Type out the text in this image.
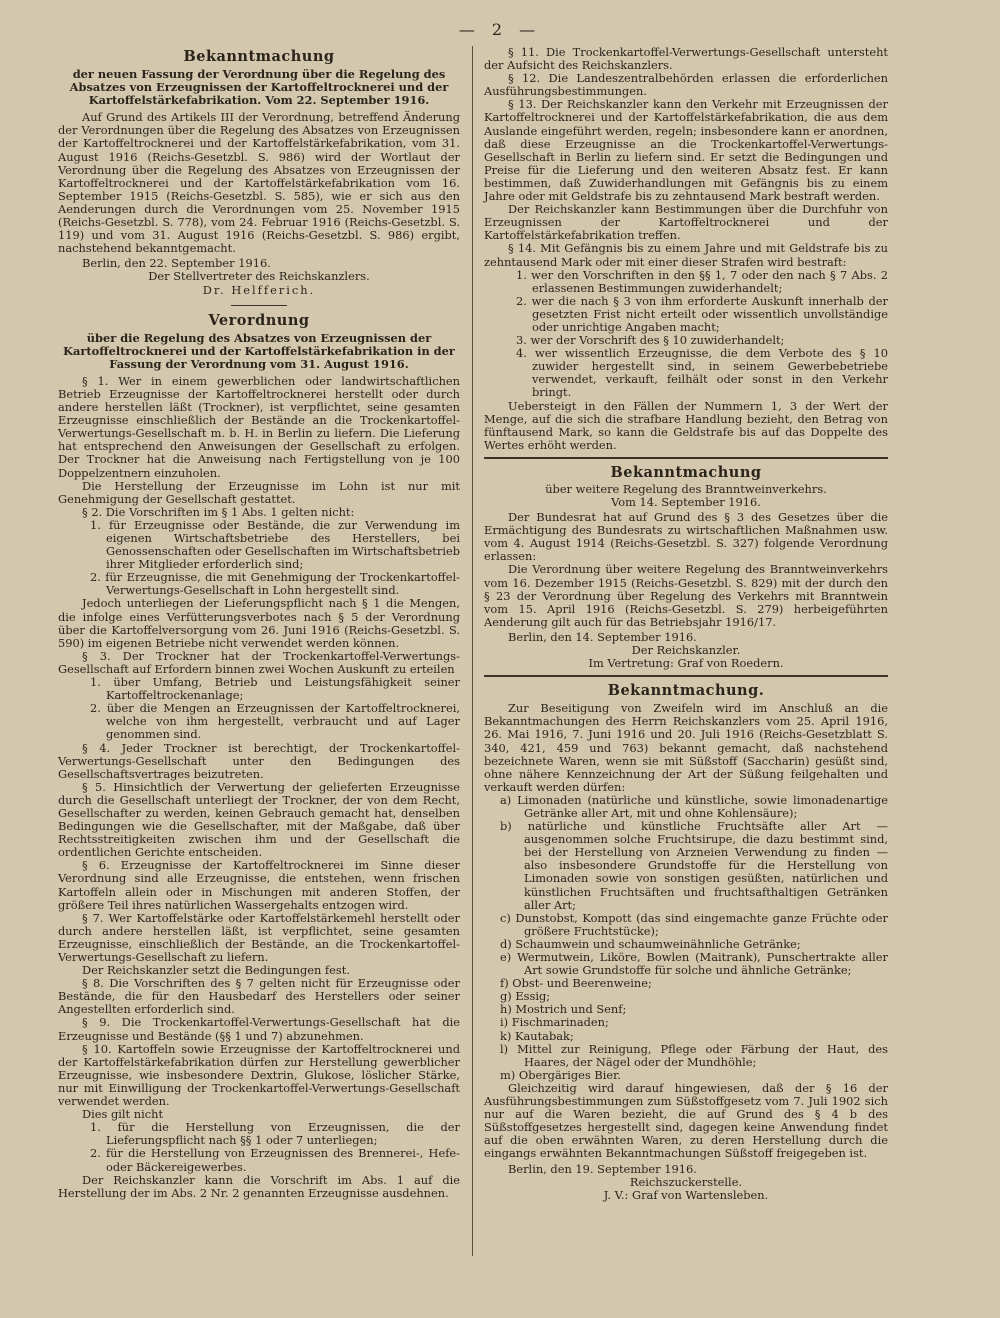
— 2 —
Bekanntmachung

der neuen Fassung der Verordnung über die Regelung des Absatzes von Erzeugnissen der Kartoffeltrocknerei und der Kartoffelstärkefabrikation. Vom 22. September 1916.

Auf Grund des Artikels III der Verordnung, betreffend Änderung der Verordnungen über die Regelung des Absatzes von Erzeugnissen der Kartoffeltrocknerei und der Kartoffelstärkefabrikation, vom 31. August 1916 (Reichs-Gesetzbl. S. 986) wird der Wortlaut der Verordnung über die Regelung des Absatzes von Erzeugnissen der Kartoffeltrocknerei und der Kartoffelstärkefabrikation vom 16. September 1915 (Reichs-Gesetzbl. S. 585), wie er sich aus den Aenderungen durch die Verordnungen vom 25. November 1915 (Reichs-Gesetzbl. S. 778), vom 24. Februar 1916 (Reichs-Gesetzbl. S. 119) und vom 31. August 1916 (Reichs-Gesetzbl. S. 986) ergibt, nachstehend bekanntgemacht.

Berlin, den 22. September 1916.

Der Stellvertreter des Reichskanzlers.

Dr. Helfferich.

Verordnung

über die Regelung des Absatzes von Erzeugnissen der Kartoffeltrocknerei und der Kartoffelstärkefabrikation in der Fassung der Verordnung vom 31. August 1916.

§ 1. Wer in einem gewerblichen oder landwirtschaftlichen Betrieb Erzeugnisse der Kartoffeltrocknerei herstellt oder durch andere herstellen läßt (Trockner), ist verpflichtet, seine gesamten Erzeugnisse einschließlich der Bestände an die Trockenkartoffel-Verwertungs-Gesellschaft m. b. H. in Berlin zu liefern. Die Lieferung hat entsprechend den Anweisungen der Gesellschaft zu erfolgen. Der Trockner hat die Anweisung nach Fertigstellung von je 100 Doppelzentnern einzuholen.

Die Herstellung der Erzeugnisse im Lohn ist nur mit Genehmigung der Gesellschaft gestattet.

§ 2. Die Vorschriften im § 1 Abs. 1 gelten nicht:

1. für Erzeugnisse oder Bestände, die zur Verwendung im eigenen Wirtschaftsbetriebe des Herstellers, bei Genossenschaften oder Gesellschaften im Wirtschaftsbetrieb ihrer Mitglieder erforderlich sind;

2. für Erzeugnisse, die mit Genehmigung der Trockenkartoffel-Verwertungs-Gesellschaft in Lohn hergestellt sind.

Jedoch unterliegen der Lieferungspflicht nach § 1 die Mengen, die infolge eines Verfütterungsverbotes nach § 5 der Verordnung über die Kartoffelversorgung vom 26. Juni 1916 (Reichs-Gesetzbl. S. 590) im eigenen Betriebe nicht verwendet werden können.

§ 3. Der Trockner hat der Trockenkartoffel-Verwertungs-Gesellschaft auf Erfordern binnen zwei Wochen Auskunft zu erteilen

1. über Umfang, Betrieb und Leistungsfähigkeit seiner Kartoffeltrockenanlage;

2. über die Mengen an Erzeugnissen der Kartoffeltrocknerei, welche von ihm hergestellt, verbraucht und auf Lager genommen sind.

§ 4. Jeder Trockner ist berechtigt, der Trockenkartoffel-Verwertungs-Gesellschaft unter den Bedingungen des Gesellschaftsvertrages beizutreten.

§ 5. Hinsichtlich der Verwertung der gelieferten Erzeugnisse durch die Gesellschaft unterliegt der Trockner, der von dem Recht, Gesellschafter zu werden, keinen Gebrauch gemacht hat, denselben Bedingungen wie die Gesellschafter, mit der Maßgabe, daß über Rechtsstreitigkeiten zwischen ihm und der Gesellschaft die ordentlichen Gerichte entscheiden.

§ 6. Erzeugnisse der Kartoffeltrocknerei im Sinne dieser Verordnung sind alle Erzeugnisse, die entstehen, wenn frischen Kartoffeln allein oder in Mischungen mit anderen Stoffen, der größere Teil ihres natürlichen Wassergehalts entzogen wird.

§ 7. Wer Kartoffelstärke oder Kartoffelstärkemehl herstellt oder durch andere herstellen läßt, ist verpflichtet, seine gesamten Erzeugnisse, einschließlich der Bestände, an die Trockenkartoffel-Verwertungs-Gesellschaft zu liefern.

Der Reichskanzler setzt die Bedingungen fest.

§ 8. Die Vorschriften des § 7 gelten nicht für Erzeugnisse oder Bestände, die für den Hausbedarf des Herstellers oder seiner Angestellten erforderlich sind.

§ 9. Die Trockenkartoffel-Verwertungs-Gesellschaft hat die Erzeugnisse und Bestände (§§ 1 und 7) abzunehmen.

§ 10. Kartoffeln sowie Erzeugnisse der Kartoffeltrocknerei und der Kartoffelstärkefabrikation dürfen zur Herstellung gewerblicher Erzeugnisse, wie insbesondere Dextrin, Glukose, löslicher Stärke, nur mit Einwilligung der Trockenkartoffel-Verwertungs-Gesellschaft verwendet werden.

Dies gilt nicht

1. für die Herstellung von Erzeugnissen, die der Lieferungspflicht nach §§ 1 oder 7 unterliegen;

2. für die Herstellung von Erzeugnissen des Brennerei-, Hefe- oder Bäckereigewerbes.

Der Reichskanzler kann die Vorschrift im Abs. 1 auf die Herstellung der im Abs. 2 Nr. 2 genannten Erzeugnisse ausdehnen.

§ 11. Die Trockenkartoffel-Verwertungs-Gesellschaft untersteht der Aufsicht des Reichskanzlers.

§ 12. Die Landeszentralbehörden erlassen die erforderlichen Ausführungsbestimmungen.

§ 13. Der Reichskanzler kann den Verkehr mit Erzeugnissen der Kartoffeltrocknerei und der Kartoffelstärkefabrikation, die aus dem Auslande eingeführt werden, regeln; insbesondere kann er anordnen, daß diese Erzeugnisse an die Trockenkartoffel-Verwertungs-Gesellschaft in Berlin zu liefern sind. Er setzt die Bedingungen und Preise für die Lieferung und den weiteren Absatz fest. Er kann bestimmen, daß Zuwiderhandlungen mit Gefängnis bis zu einem Jahre oder mit Geldstrafe bis zu zehntausend Mark bestraft werden.

Der Reichskanzler kann Bestimmungen über die Durchfuhr von Erzeugnissen der Kartoffeltrocknerei und der Kartoffelstärkefabrikation treffen.

§ 14. Mit Gefängnis bis zu einem Jahre und mit Geldstrafe bis zu zehntausend Mark oder mit einer dieser Strafen wird bestraft:

1. wer den Vorschriften in den §§ 1, 7 oder den nach § 7 Abs. 2 erlassenen Bestimmungen zuwiderhandelt;

2. wer die nach § 3 von ihm erforderte Auskunft innerhalb der gesetzten Frist nicht erteilt oder wissentlich unvollständige oder unrichtige Angaben macht;

3. wer der Vorschrift des § 10 zuwiderhandelt;

4. wer wissentlich Erzeugnisse, die dem Verbote des § 10 zuwider hergestellt sind, in seinem Gewerbebetriebe verwendet, verkauft, feilhält oder sonst in den Verkehr bringt.

Uebersteigt in den Fällen der Nummern 1, 3 der Wert der Menge, auf die sich die strafbare Handlung bezieht, den Betrag von fünftausend Mark, so kann die Geldstrafe bis auf das Doppelte des Wertes erhöht werden.

Bekanntmachung

über weitere Regelung des Branntweinverkehrs.

Vom 14. September 1916.

Der Bundesrat hat auf Grund des § 3 des Gesetzes über die Ermächtigung des Bundesrats zu wirtschaftlichen Maßnahmen usw. vom 4. August 1914 (Reichs-Gesetzbl. S. 327) folgende Verordnung erlassen:

Die Verordnung über weitere Regelung des Branntweinverkehrs vom 16. Dezember 1915 (Reichs-Gesetzbl. S. 829) mit der durch den § 23 der Verordnung über Regelung des Verkehrs mit Branntwein vom 15. April 1916 (Reichs-Gesetzbl. S. 279) herbeigeführten Aenderung gilt auch für das Betriebsjahr 1916/17.

Berlin, den 14. September 1916.

Der Reichskanzler.

Im Vertretung: Graf von Roedern.

Bekanntmachung.

Zur Beseitigung von Zweifeln wird im Anschluß an die Bekanntmachungen des Herrn Reichskanzlers vom 25. April 1916, 26. Mai 1916, 7. Juni 1916 und 20. Juli 1916 (Reichs-Gesetzblatt S. 340, 421, 459 und 763) bekannt gemacht, daß nachstehend bezeichnete Waren, wenn sie mit Süßstoff (Saccharin) gesüßt sind, ohne nähere Kennzeichnung der Art der Süßung feilgehalten und verkauft werden dürfen:

a) Limonaden (natürliche und künstliche, sowie limonadenartige Getränke aller Art, mit und ohne Kohlensäure);

b) natürliche und künstliche Fruchtsäfte aller Art — ausgenommen solche Fruchtsirupe, die dazu bestimmt sind, bei der Herstellung von Arzneien Verwendung zu finden — also insbesondere Grundstoffe für die Herstellung von Limonaden sowie von sonstigen gesüßten, natürlichen und künstlichen Fruchtsäften und fruchtsafthaltigen Getränken aller Art;

c) Dunstobst, Kompott (das sind eingemachte ganze Früchte oder größere Fruchtstücke);

d) Schaumwein und schaumweinähnliche Getränke;

e) Wermutwein, Liköre, Bowlen (Maitrank), Punschertrakte aller Art sowie Grundstoffe für solche und ähnliche Getränke;

f) Obst- und Beerenweine;

g) Essig;

h) Mostrich und Senf;

i) Fischmarinaden;

k) Kautabak;

l) Mittel zur Reinigung, Pflege oder Färbung der Haut, des Haares, der Nägel oder der Mundhöhle;

m) Obergäriges Bier.

Gleichzeitig wird darauf hingewiesen, daß der § 16 der Ausführungsbestimmungen zum Süßstoffgesetz vom 7. Juli 1902 sich nur auf die Waren bezieht, die auf Grund des § 4 b des Süßstoffgesetzes hergestellt sind, dagegen keine Anwendung findet auf die oben erwähnten Waren, zu deren Herstellung durch die eingangs erwähnten Bekanntmachungen Süßstoff freigegeben ist.

Berlin, den 19. September 1916.

Reichszuckerstelle.

J. V.: Graf von Wartensleben.
